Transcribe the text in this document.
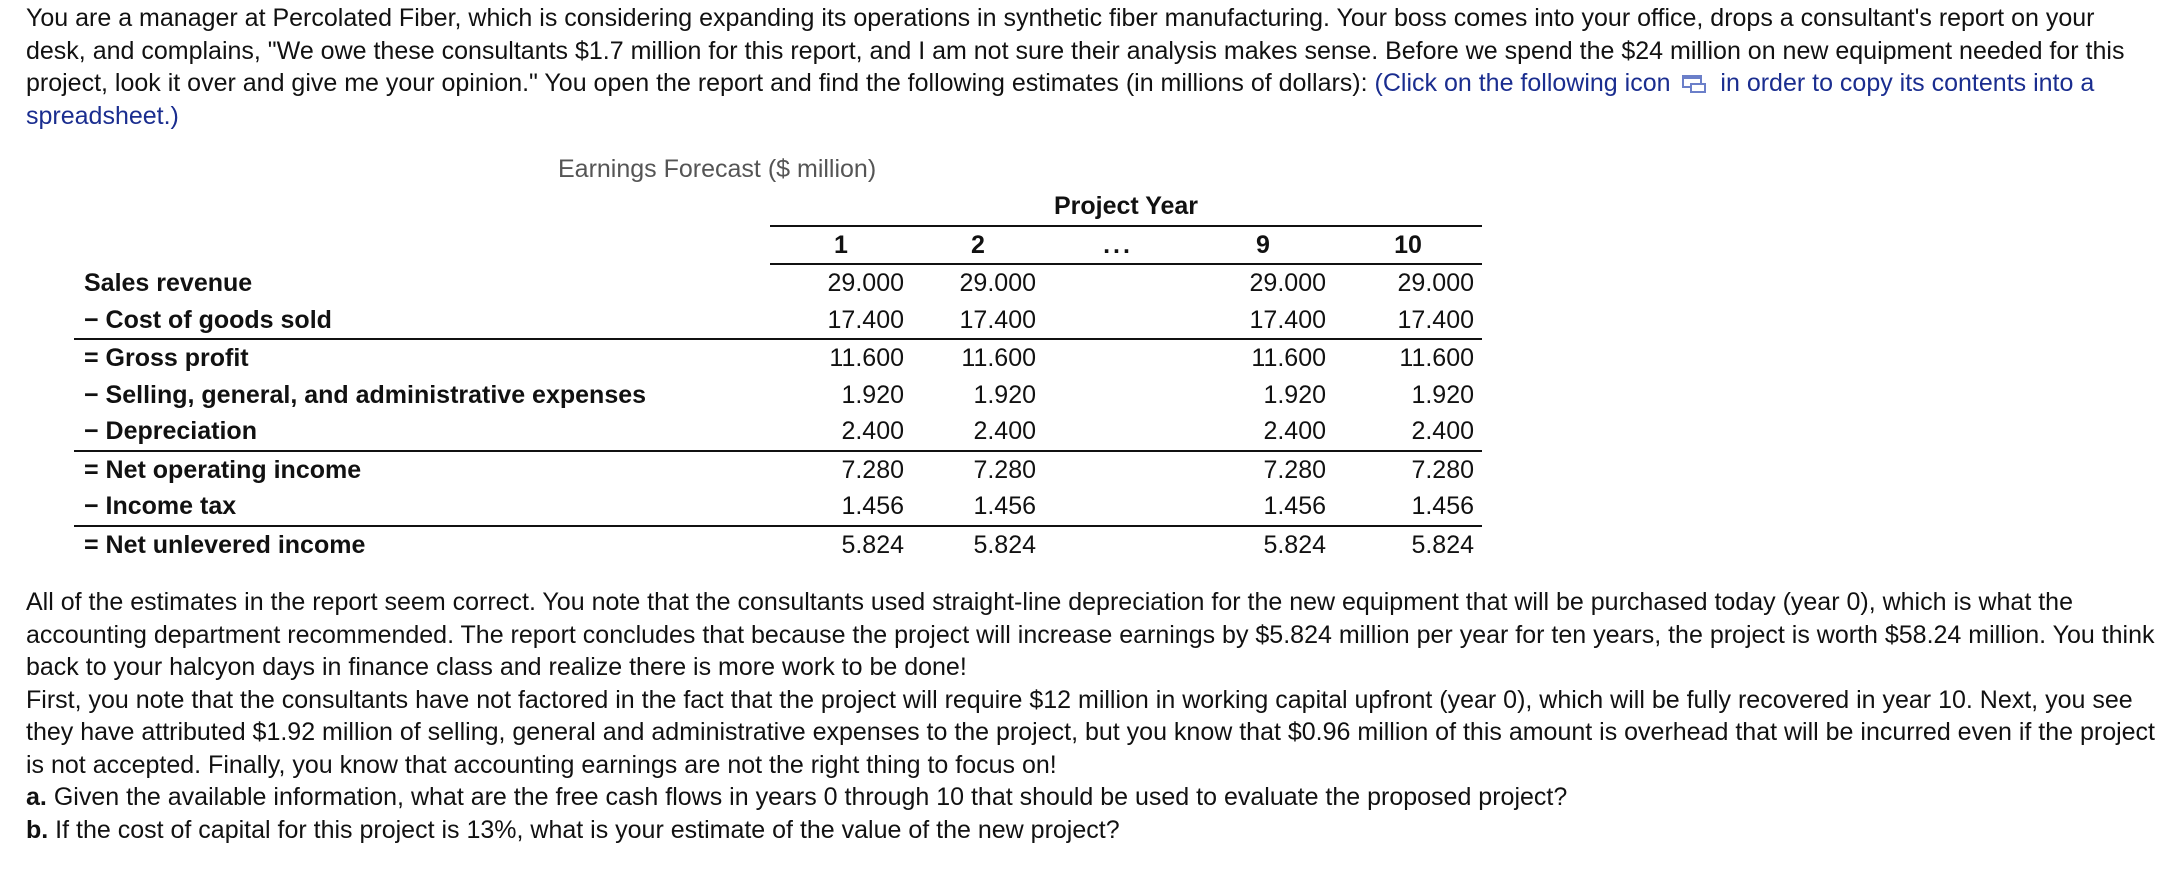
You are a manager at Percolated Fiber, which is considering expanding its operations in synthetic fiber manufacturing. Your boss comes into your office, drops a consultant's report on your desk, and complains, "We owe these consultants $1.7 million for this report, and I am not sure their analysis makes sense. Before we spend the $24 million on new equipment needed for this project, look it over and give me your opinion." You open the report and find the following estimates (in millions of dollars): (Click on the following icon in order to copy its contents into a spreadsheet.)

Earnings Forecast ($ million)

		Project Year				
		1	2	...	9	10
Sales revenue		29.000	29.000		29.000	29.000
− Cost of goods sold		17.400	17.400		17.400	17.400
= Gross profit		11.600	11.600		11.600	11.600
− Selling, general, and administrative expenses		1.920	1.920		1.920	1.920
− Depreciation		2.400	2.400		2.400	2.400
= Net operating income		7.280	7.280		7.280	7.280
− Income tax		1.456	1.456		1.456	1.456
= Net unlevered income		5.824	5.824		5.824	5.824

All of the estimates in the report seem correct. You note that the consultants used straight-line depreciation for the new equipment that will be purchased today (year 0), which is what the accounting department recommended. The report concludes that because the project will increase earnings by $5.824 million per year for ten years, the project is worth $58.24 million. You think back to your halcyon days in finance class and realize there is more work to be done!

First, you note that the consultants have not factored in the fact that the project will require $12 million in working capital upfront (year 0), which will be fully recovered in year 10. Next, you see they have attributed $1.92 million of selling, general and administrative expenses to the project, but you know that $0.96 million of this amount is overhead that will be incurred even if the project is not accepted. Finally, you know that accounting earnings are not the right thing to focus on!

a. Given the available information, what are the free cash flows in years 0 through 10 that should be used to evaluate the proposed project?

b. If the cost of capital for this project is 13%, what is your estimate of the value of the new project?
